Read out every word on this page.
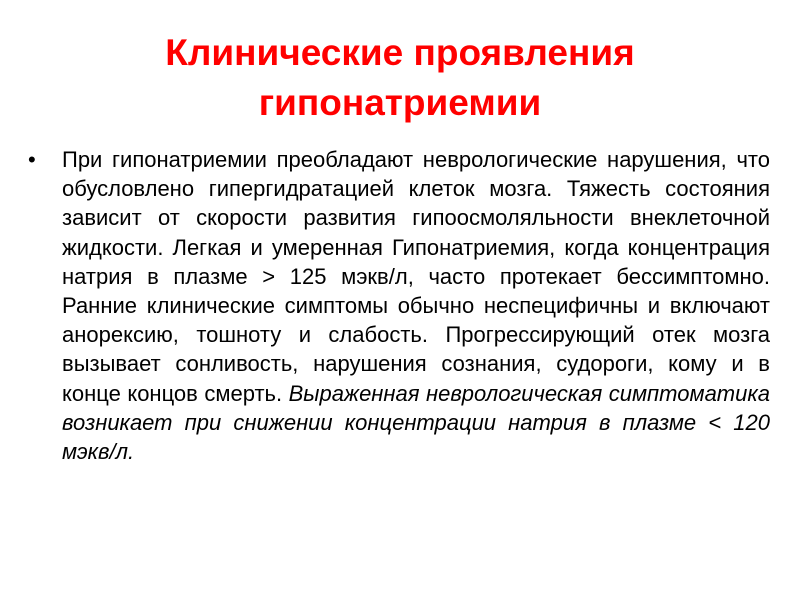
Клинические проявления гипонатриемии
• При гипонатриемии преобладают неврологические нарушения, что обусловлено гипергидратацией клеток мозга. Тяжесть состояния зависит от скорости развития гипоосмоляльности внеклеточной жидкости. Легкая и умеренная Гипонатриемия, когда концентрация натрия в плазме > 125 мэкв/л, часто протекает бессимптомно. Ранние клинические симптомы обычно неспецифичны и включают анорексию, тошноту и слабость. Прогрессирующий отек мозга вызывает сонливость, нарушения сознания, судороги, кому и в конце концов смерть. Выраженная неврологическая симптоматика возникает при снижении концентрации натрия в плазме < 120 мэкв/л.
